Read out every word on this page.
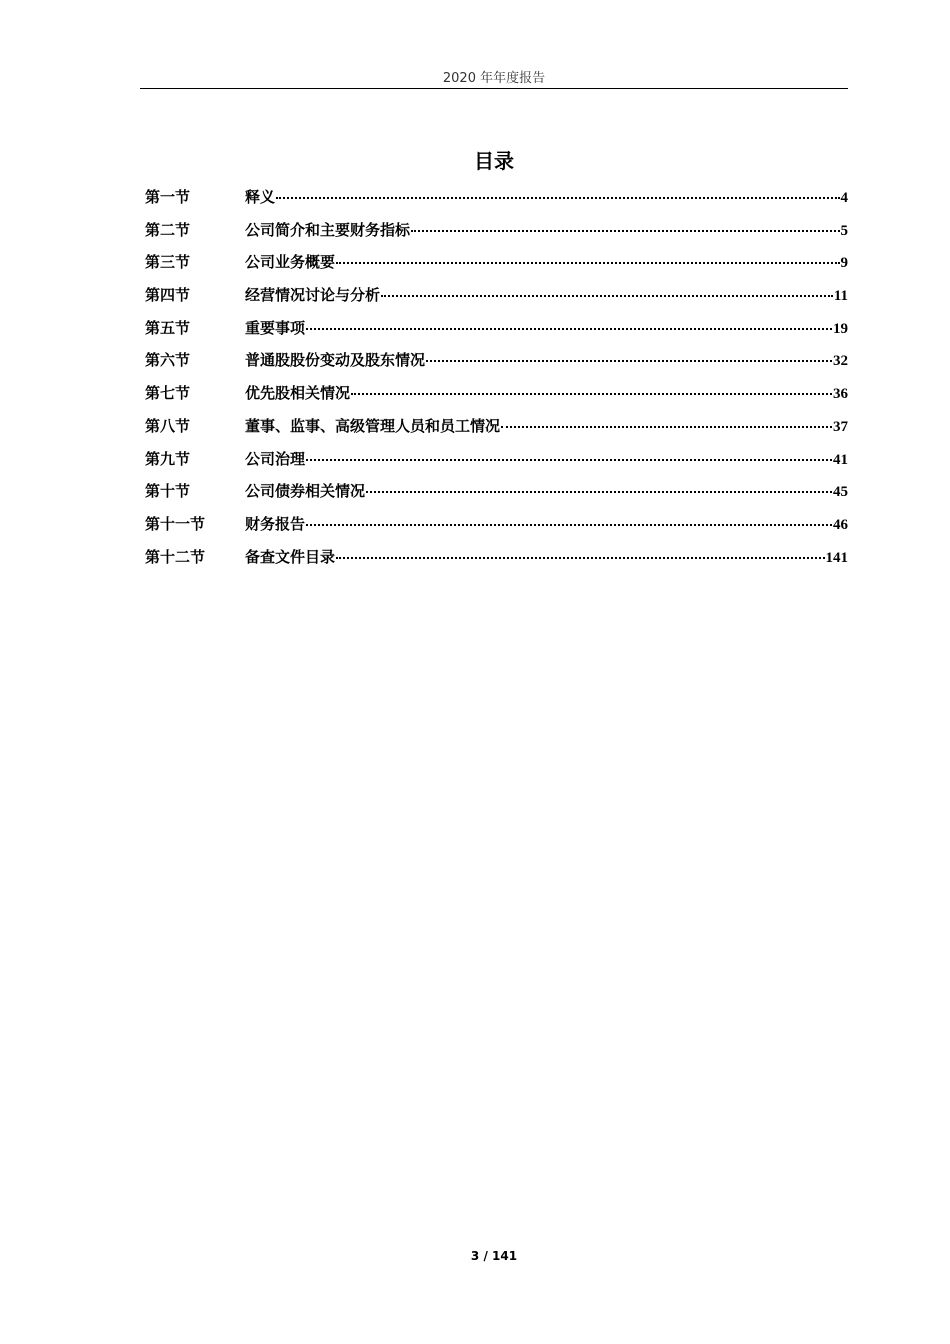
2020 年年度报告
目录
第一节	释义	4
第二节	公司简介和主要财务指标	5
第三节	公司业务概要	9
第四节	经营情况讨论与分析	11
第五节	重要事项	19
第六节	普通股股份变动及股东情况	32
第七节	优先股相关情况	36
第八节	董事、监事、高级管理人员和员工情况	37
第九节	公司治理	41
第十节	公司债券相关情况	45
第十一节	财务报告	46
第十二节	备查文件目录	141
3 / 141
